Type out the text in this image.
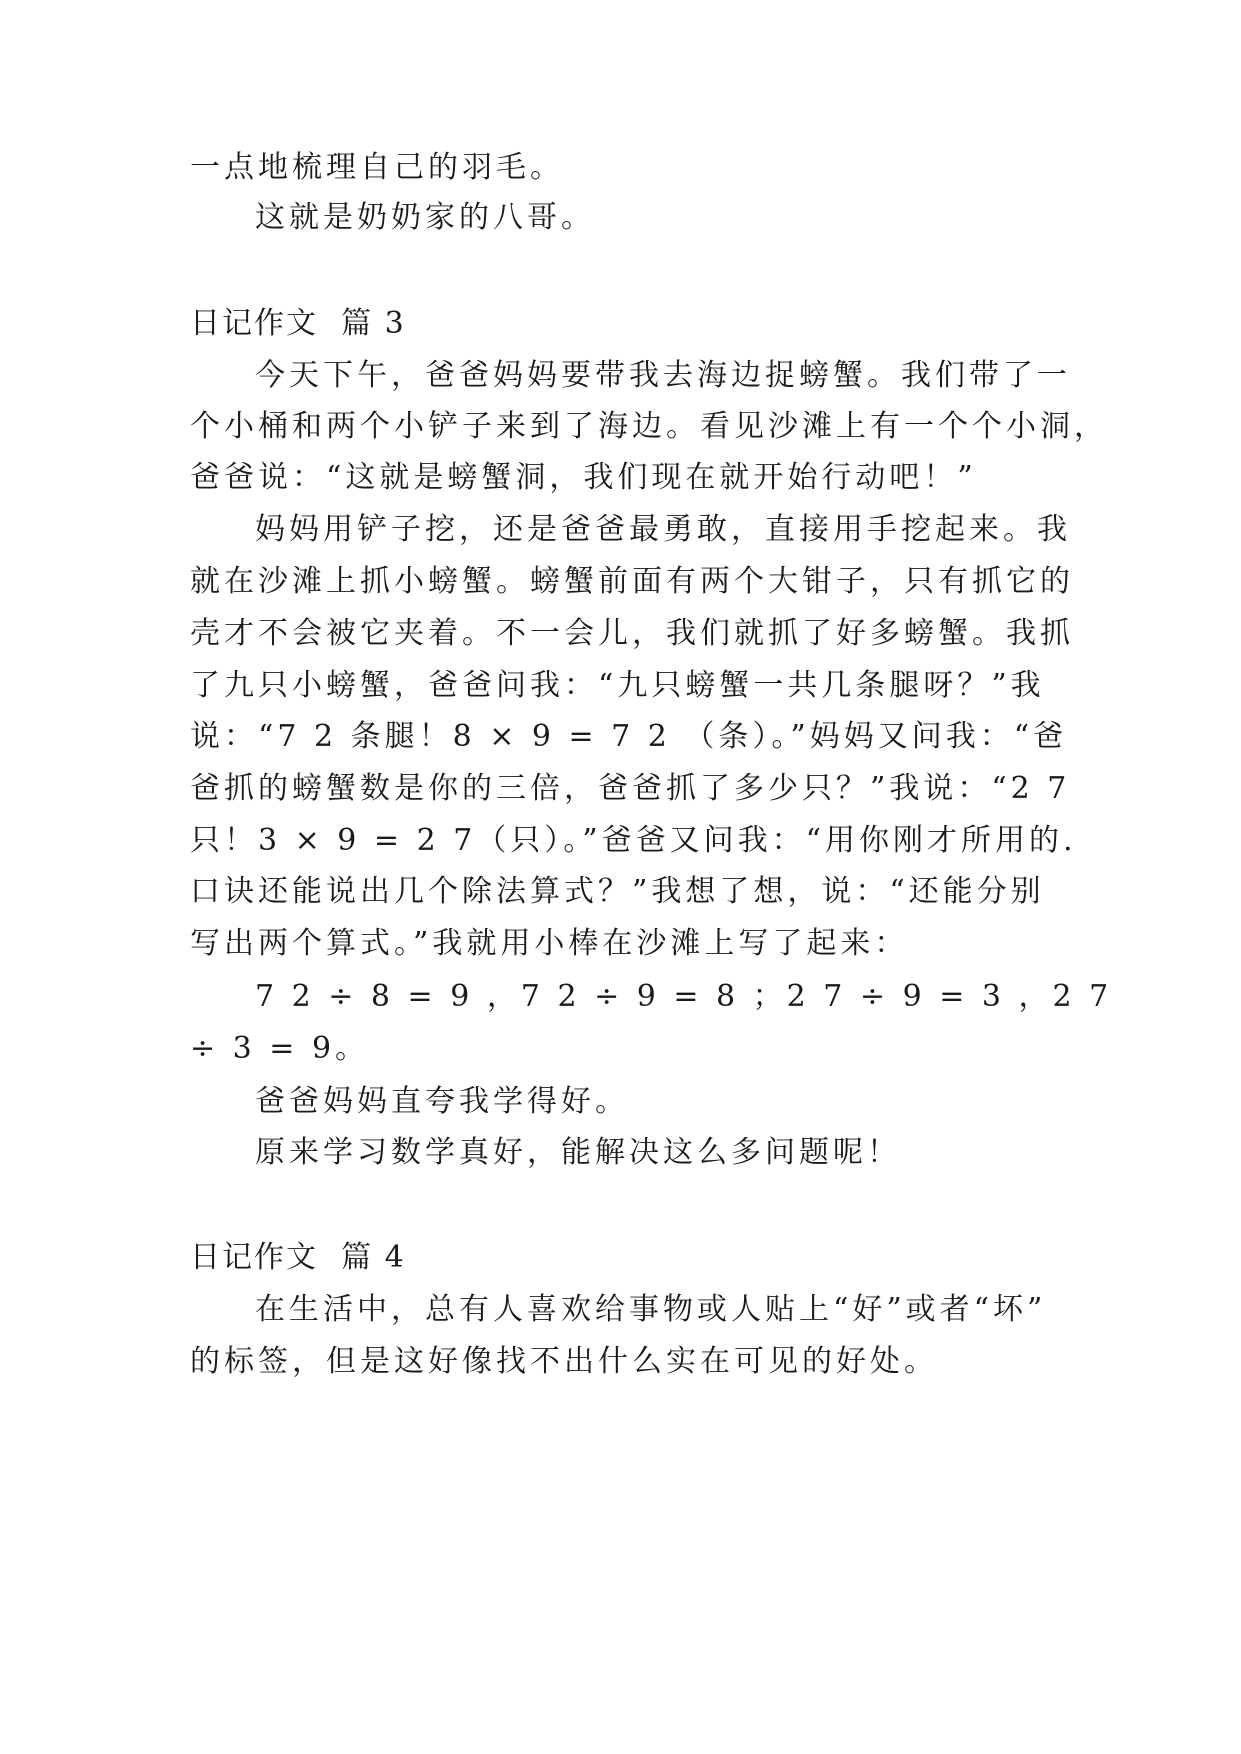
一点地梳理自己的羽毛。
这就是奶奶家的八哥。
日记作文  篇 3
今天下午，爸爸妈妈要带我去海边捉螃蟹。我们带了一
个小桶和两个小铲子来到了海边。看见沙滩上有一个个小洞，
爸爸说：“这就是螃蟹洞，我们现在就开始行动吧！”
妈妈用铲子挖，还是爸爸最勇敢，直接用手挖起来。我
就在沙滩上抓小螃蟹。螃蟹前面有两个大钳子，只有抓它的
壳才不会被它夹着。不一会儿，我们就抓了好多螃蟹。我抓
了九只小螃蟹，爸爸问我：“九只螃蟹一共几条腿呀？”我
说：“7 2 条腿！8 × 9 = 7 2 （条）。”妈妈又问我：“爸
爸抓的螃蟹数是你的三倍，爸爸抓了多少只？”我说：“2 7
只！3 × 9 = 2 7（只）。”爸爸又问我：“用你刚才所用的.
口诀还能说出几个除法算式？”我想了想，说：“还能分别
写出两个算式。”我就用小棒在沙滩上写了起来：
7 2 ÷ 8 = 9 ，7 2 ÷ 9 = 8 ；2 7 ÷ 9 = 3 ，2 7
÷ 3 = 9。
爸爸妈妈直夸我学得好。
原来学习数学真好，能解决这么多问题呢！
日记作文  篇 4
在生活中，总有人喜欢给事物或人贴上“好”或者“坏”
的标签，但是这好像找不出什么实在可见的好处。
